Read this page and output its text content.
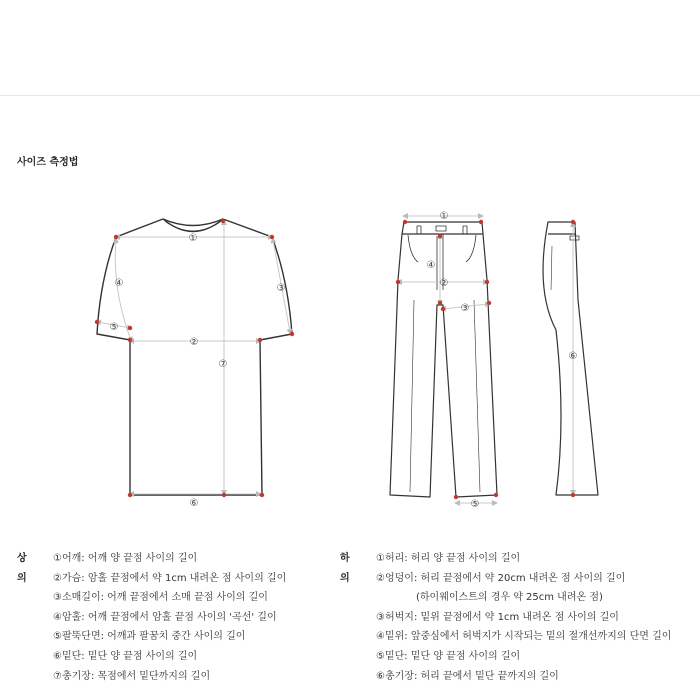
사이즈 측정법
①
②
③
④
⑤
⑥
⑦
①
②
③
④
⑤
⑥
상의
①어깨: 어깨 양 끝점 사이의 길이
②가슴: 암홀 끝점에서 약 1cm 내려온 점 사이의 길이
③소매길이: 어깨 끝점에서 소매 끝점 사이의 길이
④암홀: 어깨 끝점에서 암홀 끝점 사이의 '곡선' 길이
⑤팔뚝단면: 어깨과 팔꿈치 중간 사이의 길이
⑥밑단: 밑단 양 끝점 사이의 길이
⑦총기장: 목점에서 밑단까지의 길이
하의
①허리: 허리 양 끝점 사이의 길이
②엉덩이: 허리 끝점에서 약 20cm 내려온 점 사이의 길이
(하이웨이스트의 경우 약 25cm 내려온 점)
③허벅지: 밑위 끝점에서 약 1cm 내려온 점 사이의 길이
④밑위: 앞중심에서 허벅지가 시작되는 밑의 절개선까지의 단면 길이
⑤밑단: 밑단 양 끝점 사이의 길이
⑥총기장: 허리 끝에서 밑단 끝까지의 길이
